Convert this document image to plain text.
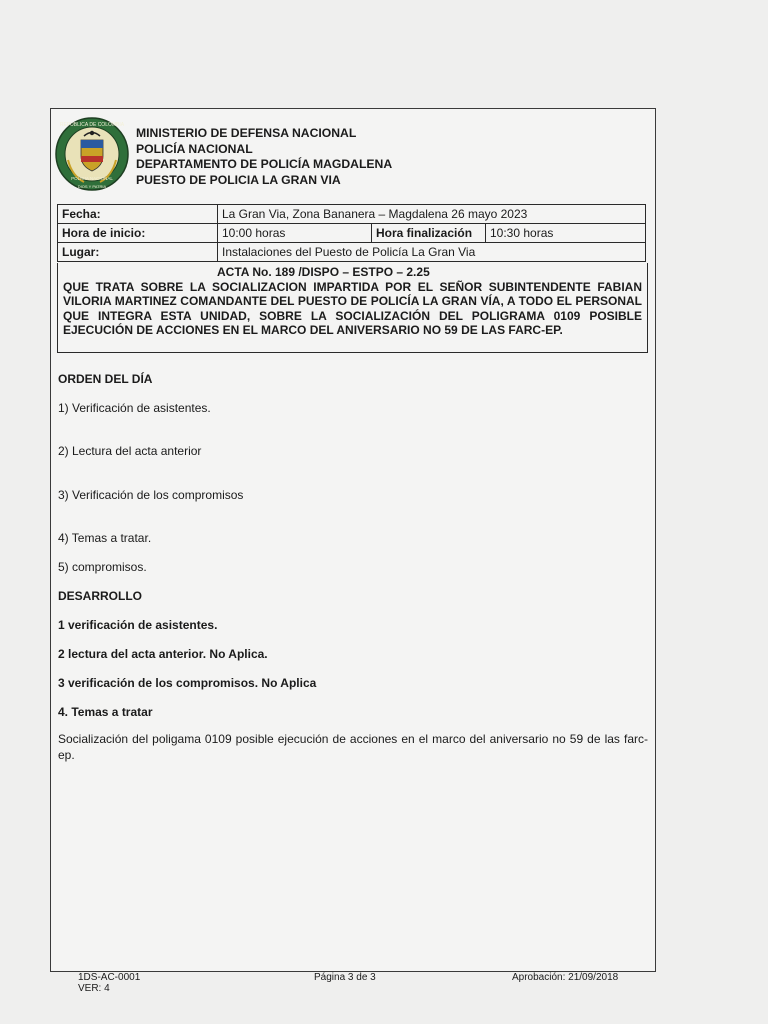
REPUBLICA DE COLOMBIA
POLICIA NACIONAL
DIOS Y PATRIA
MINISTERIO DE DEFENSA NACIONAL
POLICÍA NACIONAL
DEPARTAMENTO DE POLICÍA MAGDALENA
PUESTO DE POLICIA LA GRAN VIA
Fecha:	La Gran Via, Zona Bananera – Magdalena 26 mayo 2023		
Hora de inicio:	10:00 horas	Hora finalización	10:30 horas
Lugar:	Instalaciones del Puesto de Policía La Gran Via		
ACTA No. 189 /DISPO – ESTPO – 2.25
QUE TRATA SOBRE LA SOCIALIZACION IMPARTIDA POR EL SEÑOR SUBINTENDENTE FABIAN VILORIA MARTINEZ COMANDANTE DEL PUESTO DE POLICÍA LA GRAN VÍA, A TODO EL PERSONAL QUE INTEGRA ESTA UNIDAD, SOBRE LA SOCIALIZACIÓN DEL POLIGRAMA 0109 POSIBLE EJECUCIÓN DE ACCIONES EN EL MARCO DEL ANIVERSARIO NO 59 DE LAS FARC-EP.
ORDEN DEL DÍA
1) Verificación de asistentes.
2) Lectura del acta anterior
3) Verificación de los compromisos
4) Temas a tratar.
5) compromisos.
DESARROLLO
1 verificación de asistentes.
2 lectura del acta anterior. No Aplica.
3 verificación de los compromisos. No Aplica
4. Temas a tratar
Socialización del poligama 0109 posible ejecución de acciones en el marco del aniversario no 59 de las farc-ep.
1DS-AC-0001
VER: 4
Página 3 de 3	Aprobación: 21/09/2018
